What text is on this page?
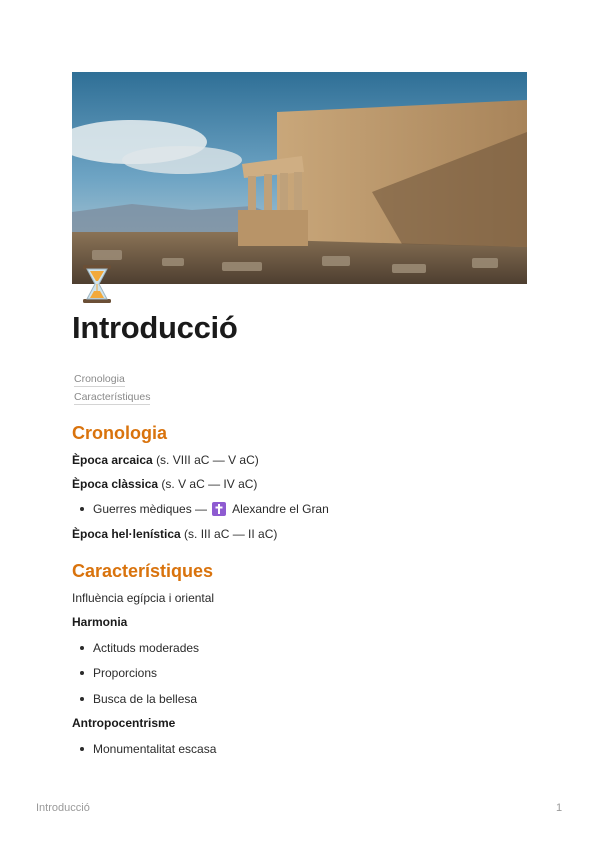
Introducció
Cronologia
Característiques
Cronologia
Època arcaica (s. VIII aC — V aC)
Època clàssica (s. V aC — IV aC)
Guerres mèdiques — Alexandre el Gran
Època hel·lenística (s. III aC — II aC)
Característiques
Influència egípcia i oriental
Harmonia
Actituds moderades
Proporcions
Busca de la bellesa
Antropocentrisme
Monumentalitat escasa
Introducció	1
